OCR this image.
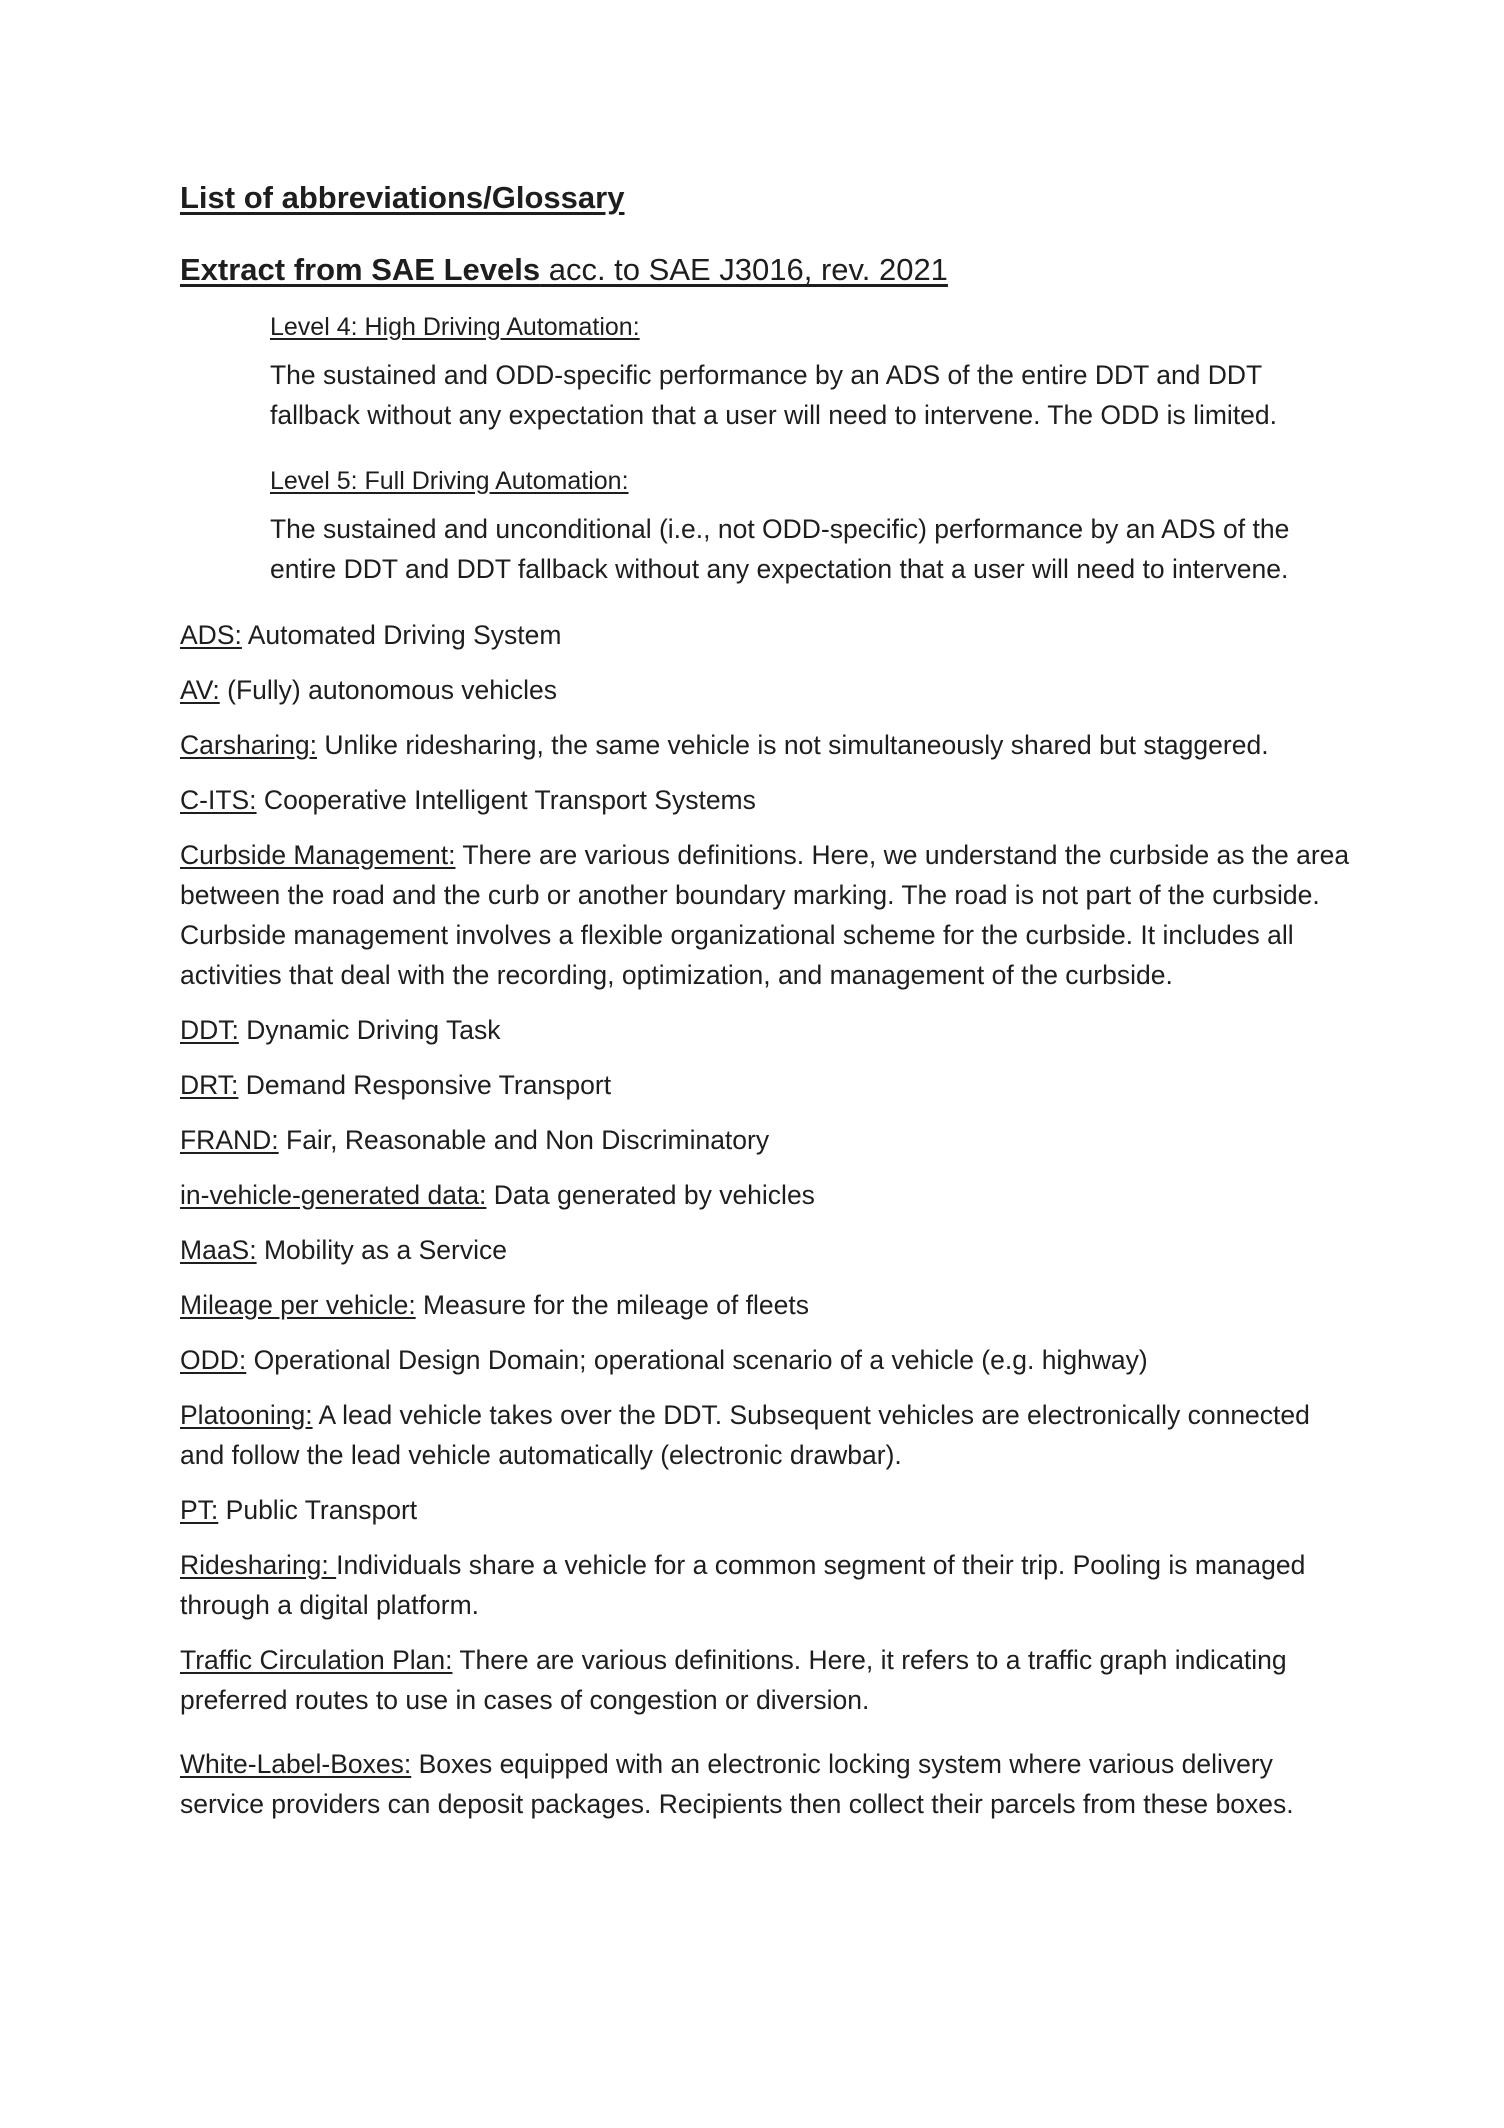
List of abbreviations/Glossary
Extract from SAE Levels acc. to SAE J3016, rev. 2021
Level 4: High Driving Automation:
The sustained and ODD-specific performance by an ADS of the entire DDT and DDT fallback without any expectation that a user will need to intervene. The ODD is limited.
Level 5: Full Driving Automation:
The sustained and unconditional (i.e., not ODD-specific) performance by an ADS of the entire DDT and DDT fallback without any expectation that a user will need to intervene.
ADS: Automated Driving System
AV: (Fully) autonomous vehicles
Carsharing: Unlike ridesharing, the same vehicle is not simultaneously shared but staggered.
C-ITS: Cooperative Intelligent Transport Systems
Curbside Management: There are various definitions. Here, we understand the curbside as the area between the road and the curb or another boundary marking. The road is not part of the curbside. Curbside management involves a flexible organizational scheme for the curbside. It includes all activities that deal with the recording, optimization, and management of the curbside.
DDT: Dynamic Driving Task
DRT: Demand Responsive Transport
FRAND: Fair, Reasonable and Non Discriminatory
in-vehicle-generated data: Data generated by vehicles
MaaS: Mobility as a Service
Mileage per vehicle: Measure for the mileage of fleets
ODD: Operational Design Domain; operational scenario of a vehicle (e.g. highway)
Platooning: A lead vehicle takes over the DDT. Subsequent vehicles are electronically connected and follow the lead vehicle automatically (electronic drawbar).
PT: Public Transport
Ridesharing: Individuals share a vehicle for a common segment of their trip. Pooling is managed through a digital platform.
Traffic Circulation Plan: There are various definitions. Here, it refers to a traffic graph indicating preferred routes to use in cases of congestion or diversion.
White-Label-Boxes: Boxes equipped with an electronic locking system where various delivery service providers can deposit packages. Recipients then collect their parcels from these boxes.
